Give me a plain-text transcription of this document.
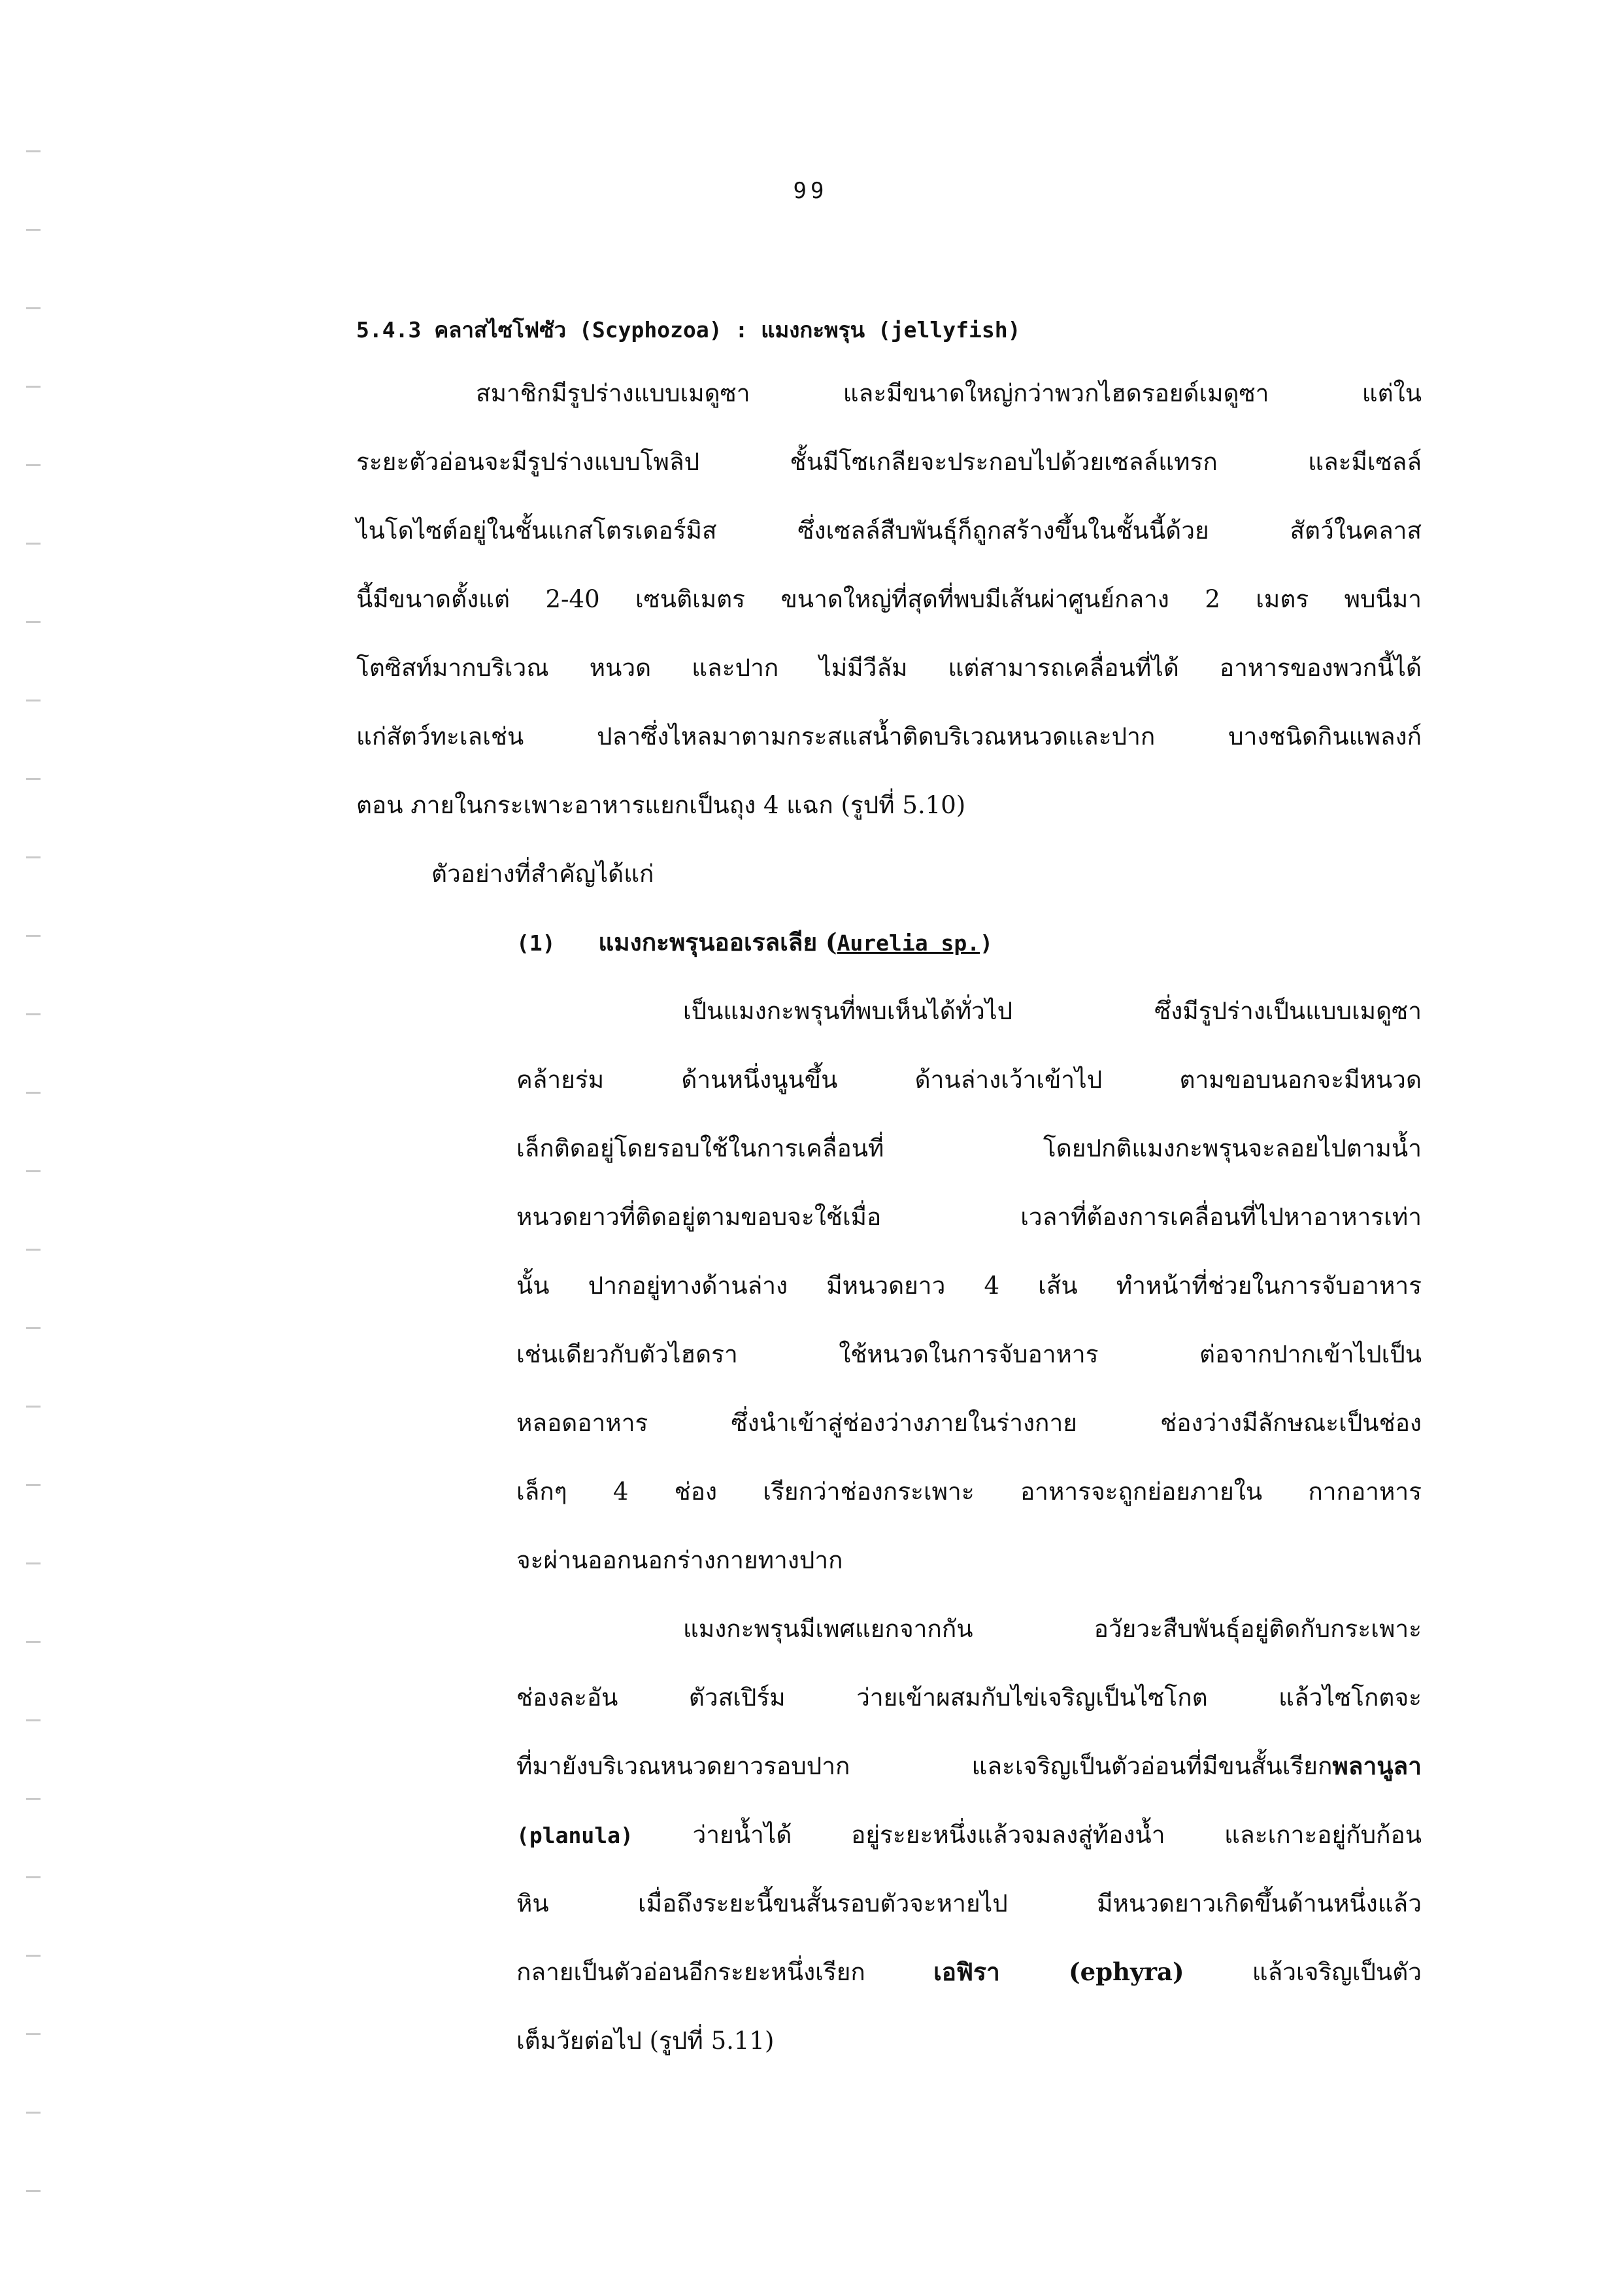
99
5.4.3 คลาสไซโฟซัว (Scyphozoa) : แมงกะพรุน (jellyfish)
สมาชิกมีรูปร่างแบบเมดูซา และมีขนาดใหญ่กว่าพวกไฮดรอยด์เมดูซา แต่ใน
ระยะตัวอ่อนจะมีรูปร่างแบบโพลิป ชั้นมีโซเกลียจะประกอบไปด้วยเซลล์แทรก และมีเซลล์
ไนโดไซต์อยู่ในชั้นแกสโตรเดอร์มิส ซึ่งเซลล์สืบพันธุ์ก็ถูกสร้างขึ้นในชั้นนี้ด้วย สัตว์ในคลาส
นี้มีขนาดตั้งแต่ 2-40 เซนติเมตร ขนาดใหญ่ที่สุดที่พบมีเส้นผ่าศูนย์กลาง 2 เมตร พบนีมา
โตซิสท์มากบริเวณ หนวด และปาก ไม่มีวีลัม แต่สามารถเคลื่อนที่ได้ อาหารของพวกนี้ได้
แก่สัตว์ทะเลเช่น ปลาซึ่งไหลมาตามกระสแสน้ำติดบริเวณหนวดและปาก บางชนิดกินแพลงก์
ตอน ภายในกระเพาะอาหารแยกเป็นถุง 4 แฉก (รูปที่ 5.10)
ตัวอย่างที่สำคัญได้แก่
(1) แมงกะพรุนออเรลเลีย (Aurelia sp.)
เป็นแมงกะพรุนที่พบเห็นได้ทั่วไป ซึ่งมีรูปร่างเป็นแบบเมดูซา
คล้ายร่ม ด้านหนึ่งนูนขึ้น ด้านล่างเว้าเข้าไป ตามขอบนอกจะมีหนวด
เล็กติดอยู่โดยรอบใช้ในการเคลื่อนที่ โดยปกติแมงกะพรุนจะลอยไปตามน้ำ
หนวดยาวที่ติดอยู่ตามขอบจะใช้เมื่อ เวลาที่ต้องการเคลื่อนที่ไปหาอาหารเท่า
นั้น ปากอยู่ทางด้านล่าง มีหนวดยาว 4 เส้น ทำหน้าที่ช่วยในการจับอาหาร
เช่นเดียวกับตัวไฮดรา ใช้หนวดในการจับอาหาร ต่อจากปากเข้าไปเป็น
หลอดอาหาร ซึ่งนำเข้าสู่ช่องว่างภายในร่างกาย ช่องว่างมีลักษณะเป็นช่อง
เล็กๆ 4 ช่อง เรียกว่าช่องกระเพาะ อาหารจะถูกย่อยภายใน กากอาหาร
จะผ่านออกนอกร่างกายทางปาก
แมงกะพรุนมีเพศแยกจากกัน อวัยวะสืบพันธุ์อยู่ติดกับกระเพาะ
ช่องละอัน ตัวสเปิร์ม ว่ายเข้าผสมกับไข่เจริญเป็นไซโกต แล้วไซโกตจะ
ที่มายังบริเวณหนวดยาวรอบปาก และเจริญเป็นตัวอ่อนที่มีขนสั้นเรียกพลานูลา
(planula) ว่ายน้ำได้ อยู่ระยะหนึ่งแล้วจมลงสู่ท้องน้ำ และเกาะอยู่กับก้อน
หิน เมื่อถึงระยะนี้ขนสั้นรอบตัวจะหายไป มีหนวดยาวเกิดขึ้นด้านหนึ่งแล้ว
กลายเป็นตัวอ่อนอีกระยะหนึ่งเรียก เอฟิรา (ephyra) แล้วเจริญเป็นตัว
เต็มวัยต่อไป (รูปที่ 5.11)
